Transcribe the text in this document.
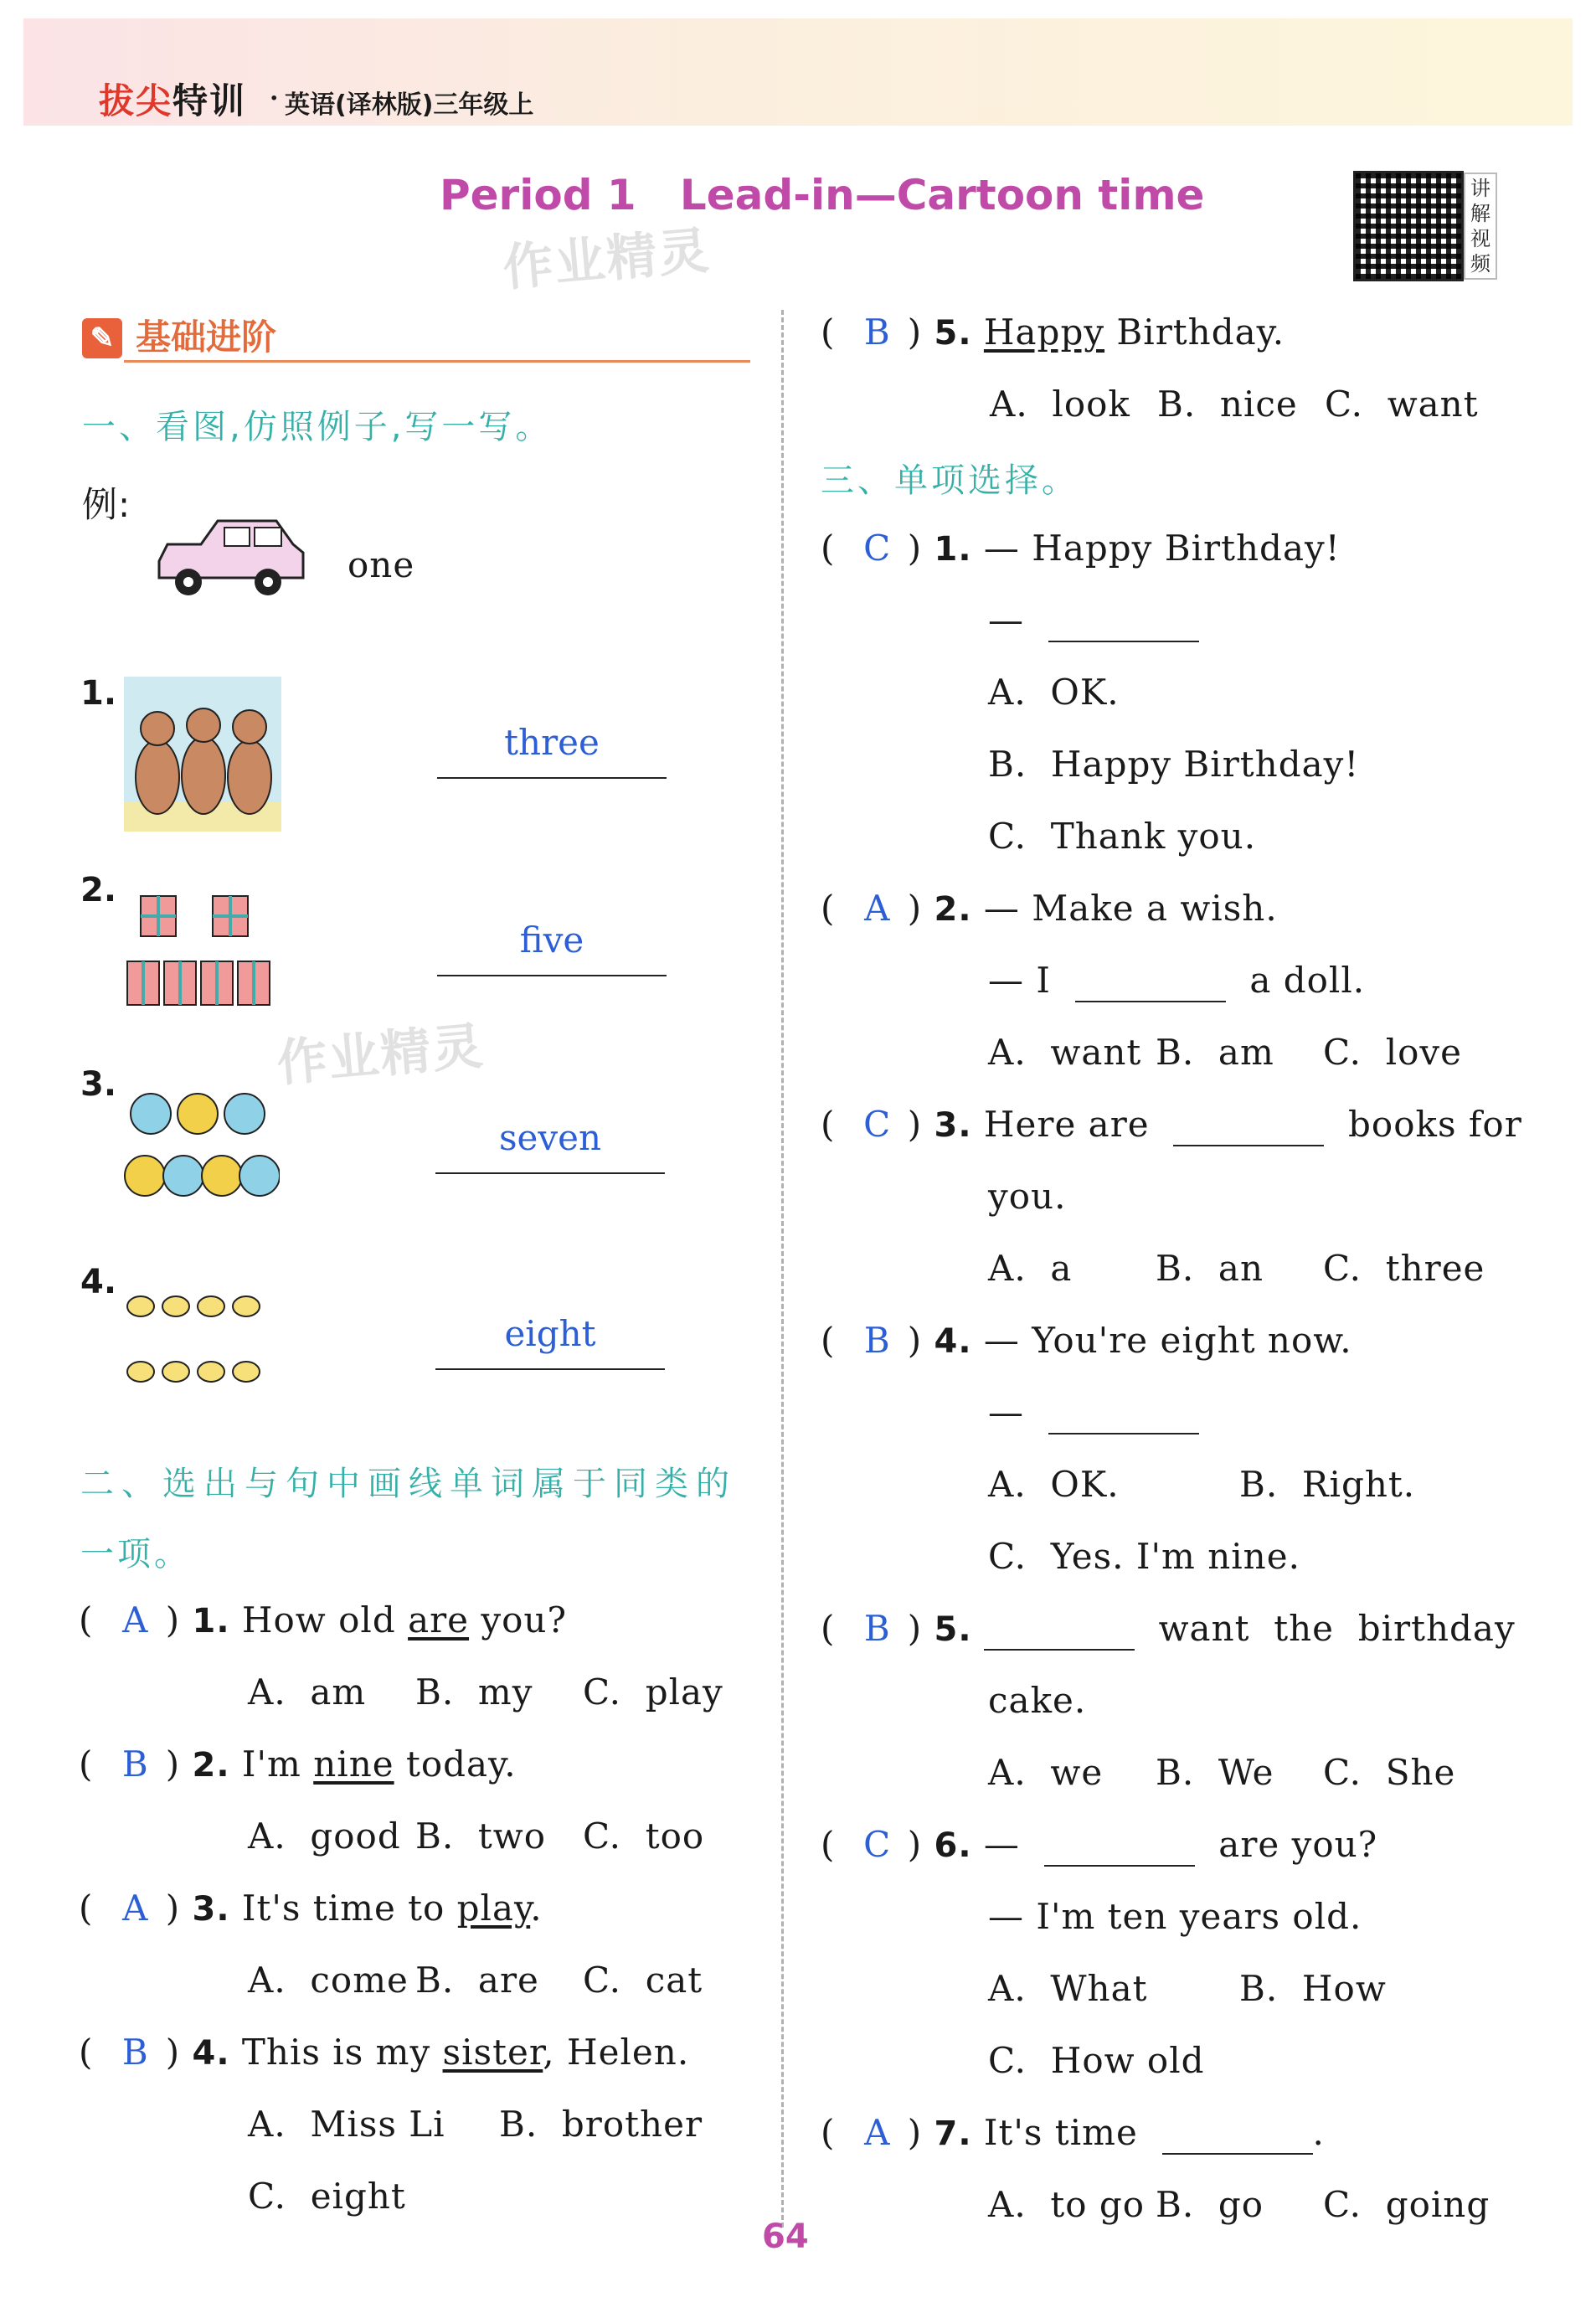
拔尖特训 · 英语(译林版)三年级上
Period 1   Lead-in—Cartoon time
作业精灵
作业精灵
讲解视频
✎ 基础进阶
一、看图,仿照例子,写一写。
例:
one
1.
three
2.
five
3.
seven
4.
eight
二、选出与句中画线单词属于同类的
一项。
( A ) 1. How old are you?
A.  am B.  my C.  play
( B ) 2. I'm nine today.
A.  good B.  two C.  too
( A ) 3. It's time to play.
A.  come B.  are C.  cat
( B ) 4. This is my sister, Helen.
A.  Miss Li B.  brother
C.  eight
( B ) 5. Happy Birthday.
A.  look B.  nice C.  want
三、单项选择。
( C ) 1. — Happy Birthday!
—
A.  OK.
B.  Happy Birthday!
C.  Thank you.
( A ) 2. — Make a wish.
— I	a doll.
A.  want B.  am C.  love
( C ) 3. Here are	books for
you.
A.  a B.  an C.  three
( B ) 4. — You're eight now.
—
A.  OK.	B.  Right.
C.  Yes. I'm nine.
( B ) 5.	want  the  birthday
cake.
A.  we B.  We C.  She
( C ) 6. —	are you?
— I'm ten years old.
A.  What	B.  How
C.  How old
( A ) 7. It's time	.
A.  to go B.  go C.  going
64
